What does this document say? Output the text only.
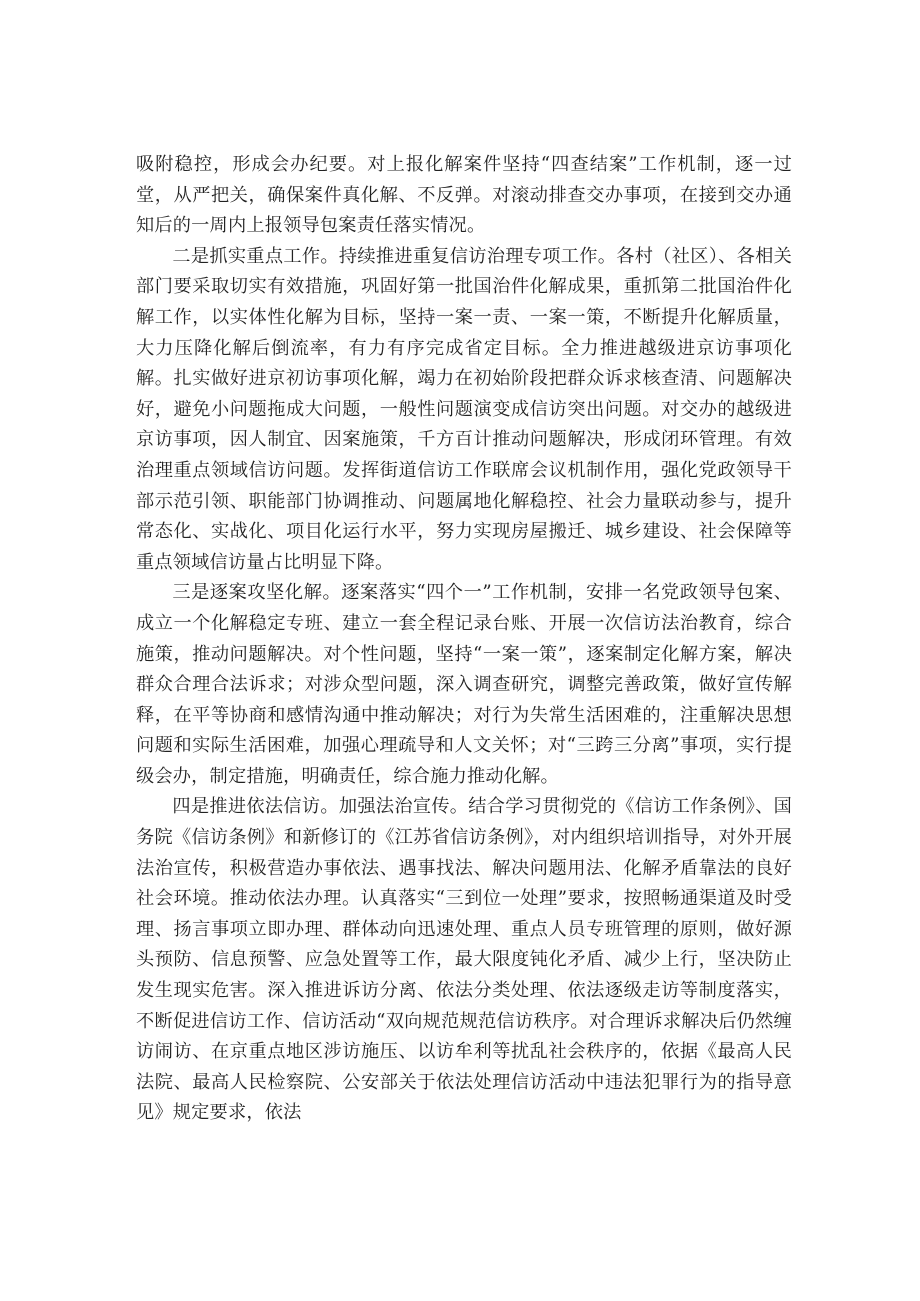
吸附稳控，形成会办纪要。对上报化解案件坚持“四查结案”工作机制，逐一过堂，从严把关，确保案件真化解、不反弹。对滚动排查交办事项，在接到交办通知后的一周内上报领导包案责任落实情况。

二是抓实重点工作。持续推进重复信访治理专项工作。各村（社区）、各相关部门要采取切实有效措施，巩固好第一批国治件化解成果，重抓第二批国治件化解工作，以实体性化解为目标，坚持一案一责、一案一策，不断提升化解质量，大力压降化解后倒流率，有力有序完成省定目标。全力推进越级进京访事项化解。扎实做好进京初访事项化解，竭力在初始阶段把群众诉求核查清、问题解决好，避免小问题拖成大问题，一般性问题演变成信访突出问题。对交办的越级进京访事项，因人制宜、因案施策，千方百计推动问题解决，形成闭环管理。有效治理重点领域信访问题。发挥街道信访工作联席会议机制作用，强化党政领导干部示范引领、职能部门协调推动、问题属地化解稳控、社会力量联动参与，提升常态化、实战化、项目化运行水平，努力实现房屋搬迁、城乡建设、社会保障等重点领域信访量占比明显下降。

三是逐案攻坚化解。逐案落实“四个一”工作机制，安排一名党政领导包案、成立一个化解稳定专班、建立一套全程记录台账、开展一次信访法治教育，综合施策，推动问题解决。对个性问题，坚持“一案一策”，逐案制定化解方案，解决群众合理合法诉求；对涉众型问题，深入调查研究，调整完善政策，做好宣传解释，在平等协商和感情沟通中推动解决；对行为失常生活困难的，注重解决思想问题和实际生活困难，加强心理疏导和人文关怀；对“三跨三分离”事项，实行提级会办，制定措施，明确责任，综合施力推动化解。

四是推进依法信访。加强法治宣传。结合学习贯彻党的《信访工作条例》、国务院《信访条例》和新修订的《江苏省信访条例》，对内组织培训指导，对外开展法治宣传，积极营造办事依法、遇事找法、解决问题用法、化解矛盾靠法的良好社会环境。推动依法办理。认真落实“三到位一处理”要求，按照畅通渠道及时受理、扬言事项立即办理、群体动向迅速处理、重点人员专班管理的原则，做好源头预防、信息预警、应急处置等工作，最大限度钝化矛盾、减少上行，坚决防止发生现实危害。深入推进诉访分离、依法分类处理、依法逐级走访等制度落实，不断促进信访工作、信访活动“双向规范规范信访秩序。对合理诉求解决后仍然缠访闹访、在京重点地区涉访施压、以访牟利等扰乱社会秩序的，依据《最高人民法院、最高人民检察院、公安部关于依法处理信访活动中违法犯罪行为的指导意见》规定要求，依法
